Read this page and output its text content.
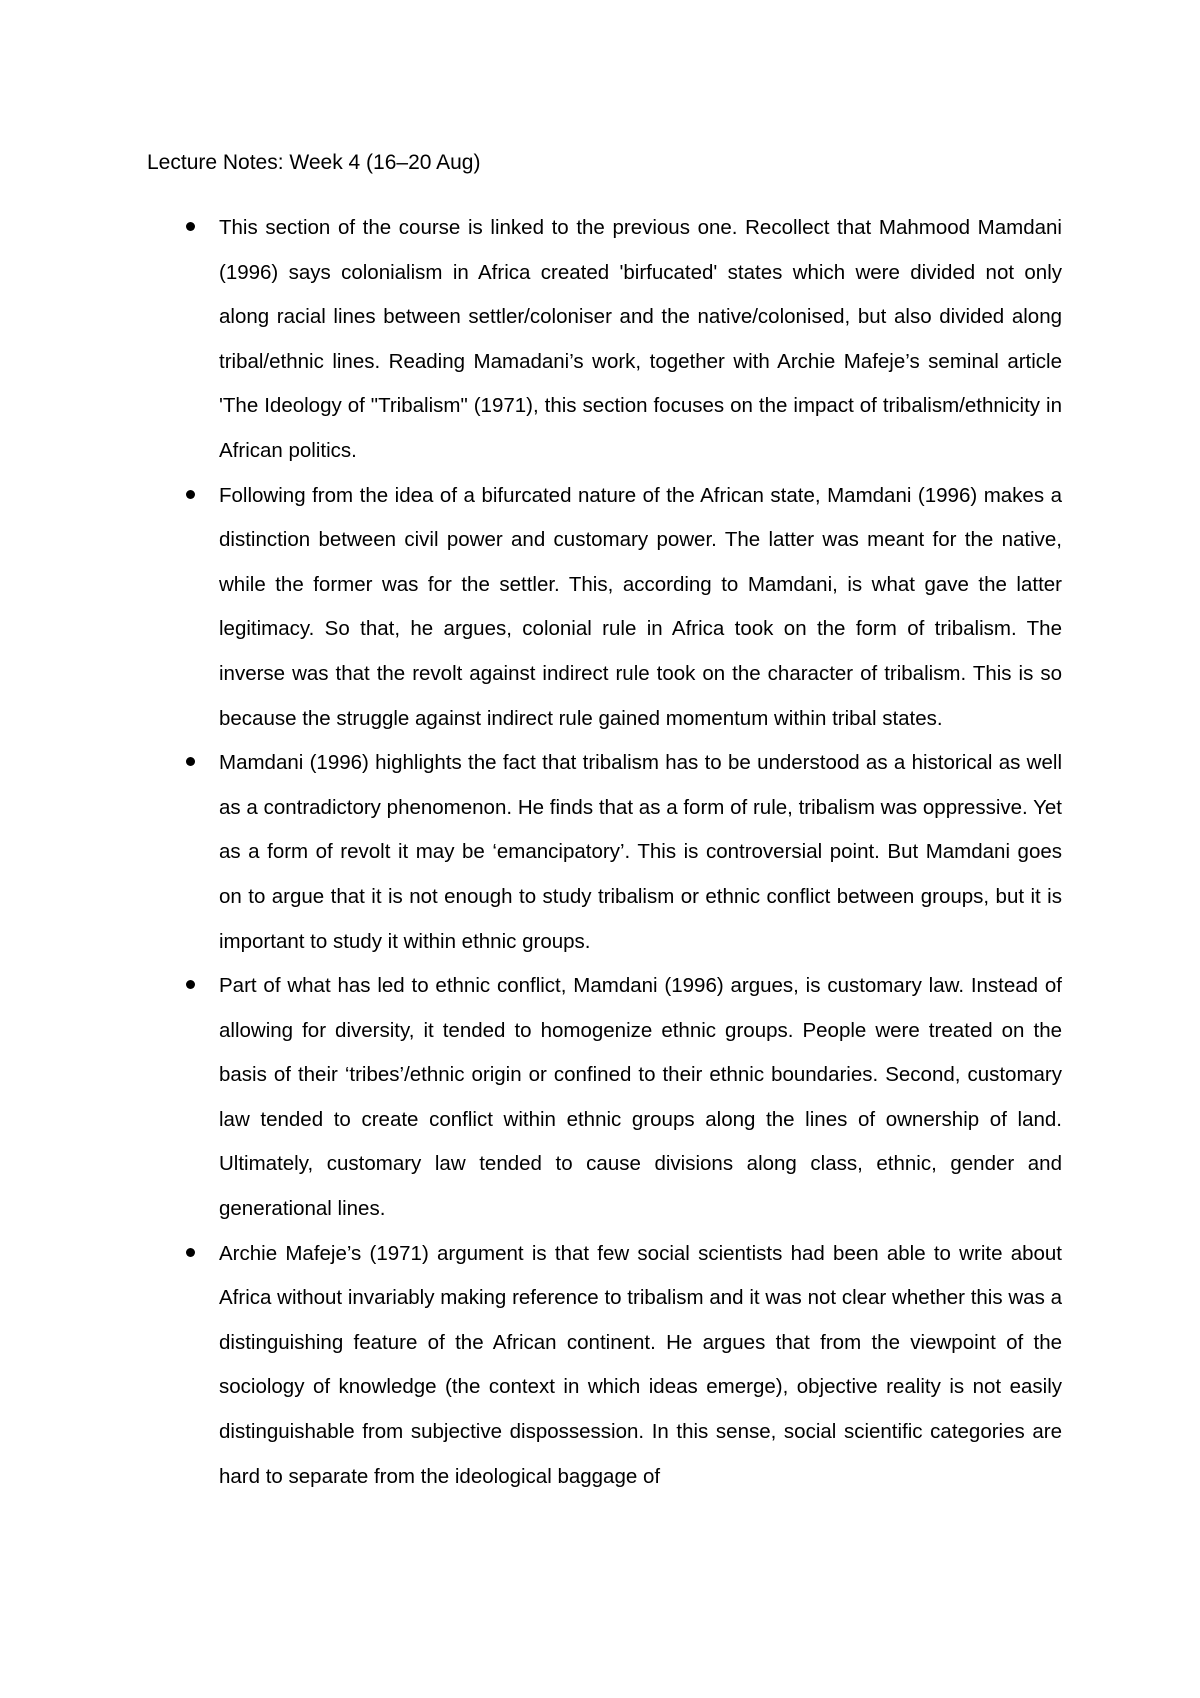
Lecture Notes: Week 4 (16–20 Aug)

This section of the course is linked to the previous one. Recollect that Mahmood Mamdani (1996) says colonialism in Africa created 'birfucated' states which were divided not only along racial lines between settler/coloniser and the native/colonised, but also divided along tribal/ethnic lines. Reading Mamadani’s work, together with Archie Mafeje’s seminal article 'The Ideology of "Tribalism" (1971), this section focuses on the impact of tribalism/ethnicity in African politics.

Following from the idea of a bifurcated nature of the African state, Mamdani (1996) makes a distinction between civil power and customary power. The latter was meant for the native, while the former was for the settler. This, according to Mamdani, is what gave the latter legitimacy. So that, he argues, colonial rule in Africa took on the form of tribalism. The inverse was that the revolt against indirect rule took on the character of tribalism. This is so because the struggle against indirect rule gained momentum within tribal states.

Mamdani (1996) highlights the fact that tribalism has to be understood as a historical as well as a contradictory phenomenon. He finds that as a form of rule, tribalism was oppressive. Yet as a form of revolt it may be ‘emancipatory’. This is controversial point. But Mamdani goes on to argue that it is not enough to study tribalism or ethnic conflict between groups, but it is important to study it within ethnic groups.

Part of what has led to ethnic conflict, Mamdani (1996) argues, is customary law. Instead of allowing for diversity, it tended to homogenize ethnic groups. People were treated on the basis of their ‘tribes’/ethnic origin or confined to their ethnic boundaries. Second, customary law tended to create conflict within ethnic groups along the lines of ownership of land. Ultimately, customary law tended to cause divisions along class, ethnic, gender and generational lines.

Archie Mafeje’s (1971) argument is that few social scientists had been able to write about Africa without invariably making reference to tribalism and it was not clear whether this was a distinguishing feature of the African continent. He argues that from the viewpoint of the sociology of knowledge (the context in which ideas emerge), objective reality is not easily distinguishable from subjective dispossession. In this sense, social scientific categories are hard to separate from the ideological baggage of
